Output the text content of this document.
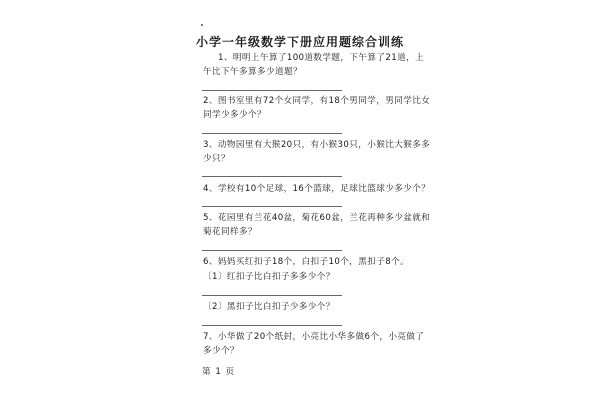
小学一年级数学下册应用题综合训练
1、明明上午算了100道数学题，下午算了21道，上
午比下午多算多少道题？
2、图书室里有72个女同学，有18个男同学，男同学比女
同学少多少个？
3、动物园里有大猴20只，有小猴30只，小猴比大猴多多
少只？
4、学校有10个足球，16个篮球，足球比篮球少多少个？
5、花园里有兰花40盆，菊花60盆，兰花再种多少盆就和
菊花同样多？
6、妈妈买红扣子18个，白扣子10个，黑扣子8个。
〔1〕红扣子比白扣子多多少个？
〔2〕黑扣子比白扣子少多少个？
7、小华做了20个纸封，小亮比小华多做6个，小亮做了
多少个？
第 1 页
